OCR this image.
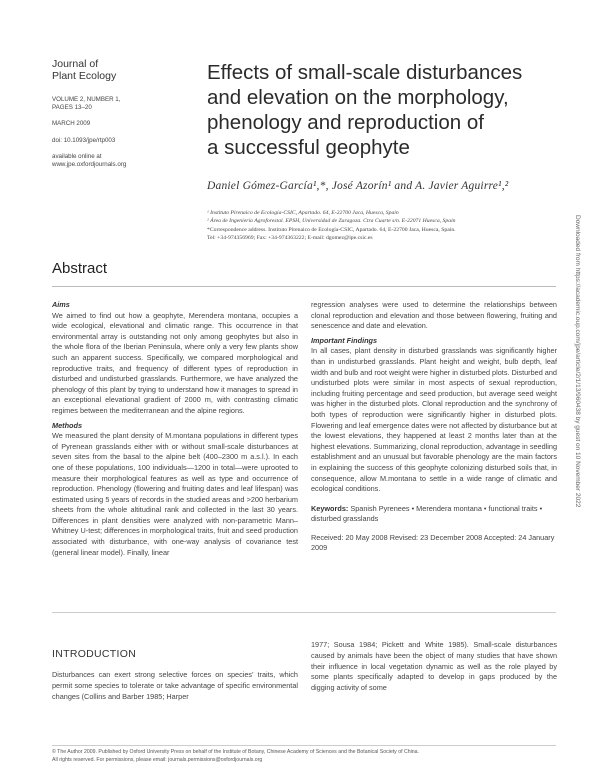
Journal of
Plant Ecology
VOLUME 2, NUMBER 1,
PAGES 13–20
MARCH 2009
doi: 10.1093/jpe/rtp003
available online at
www.jpe.oxfordjournals.org
Effects of small-scale disturbances
and elevation on the morphology,
phenology and reproduction of
a successful geophyte
Daniel Gómez-García¹,*, José Azorín¹ and A. Javier Aguirre¹,²
¹ Instituto Pirenaico de Ecología-CSIC, Apartado. 64, E-22700 Jaca, Huesca, Spain
² Área de Ingeniería Agroforestal. EPSH, Universidad de Zaragoza. Ctra Cuarte s/n. E-22071 Huesca, Spain
*Correspondence address. Instituto Pirenaico de Ecología-CSIC, Apartado. 64, E-22700 Jaca, Huesca, Spain.
Tel: +34-974356969; Fax: +34-974363222; E-mail: dgomez@ipe.csic.es	Downloaded from https://academic.oup.com/jpe/article/2/1/13/960438 by guest on 10 November 2022
Abstract
Aims

We aimed to find out how a geophyte, Merendera montana, occupies a wide ecological, elevational and climatic range. This occurrence in that environmental array is outstanding not only among geophytes but also in the whole flora of the Iberian Peninsula, where only a very few plants show such an apparent success. Specifically, we compared morphological and reproductive traits, and frequency of different types of reproduction in disturbed and undisturbed grasslands. Furthermore, we have analyzed the phenology of this plant by trying to understand how it manages to spread in an exceptional elevational gradient of 2000 m, with contrasting climatic regimes between the mediterranean and the alpine regions.

Methods

We measured the plant density of M.montana populations in different types of Pyrenean grasslands either with or without small-scale disturbances at seven sites from the basal to the alpine belt (400–2300 m a.s.l.). In each one of these populations, 100 individuals—1200 in total—were uprooted to measure their morphological features as well as type and occurrence of reproduction. Phenology (flowering and fruiting dates and leaf lifespan) was estimated using 5 years of records in the studied areas and >200 herbarium sheets from the whole altitudinal rank and collected in the last 30 years. Differences in plant densities were analyzed with non-parametric Mann–Whitney U-test; differences in morphological traits, fruit and seed production associated with disturbance, with one-way analysis of covariance test (general linear model). Finally, linear

regression analyses were used to determine the relationships between clonal reproduction and elevation and those between flowering, fruiting and senescence and date and elevation.

Important Findings

In all cases, plant density in disturbed grasslands was significantly higher than in undisturbed grasslands. Plant height and weight, bulb depth, leaf width and bulb and root weight were higher in disturbed plots. Disturbed and undisturbed plots were similar in most aspects of sexual reproduction, including fruiting percentage and seed production, but average seed weight was higher in the disturbed plots. Clonal reproduction and the synchrony of both types of reproduction were significantly higher in disturbed plots. Flowering and leaf emergence dates were not affected by disturbance but at the lowest elevations, they happened at least 2 months later than at the highest elevations. Summarizing, clonal reproduction, advantage in seedling establishment and an unusual but favorable phenology are the main factors in explaining the success of this geophyte colonizing disturbed soils that, in consequence, allow M.montana to settle in a wide range of climatic and ecological conditions.

Keywords: Spanish Pyrenees • Merendera montana • functional traits • disturbed grasslands

Received: 20 May 2008 Revised: 23 December 2008 Accepted: 24 January 2009

INTRODUCTION
Disturbances can exert strong selective forces on species' traits, which permit some species to tolerate or take advantage of specific environmental changes (Collins and Barber 1985; Harper
1977; Sousa 1984; Pickett and White 1985). Small-scale disturbances caused by animals have been the object of many studies that have shown their influence in local vegetation dynamic as well as the role played by some plants specifically adapted to develop in gaps produced by the digging activity of some
© The Author 2009. Published by Oxford University Press on behalf of the Institute of Botany, Chinese Academy of Sciences and the Botanical Society of China.
All rights reserved. For permissions, please email: journals.permissions@oxfordjournals.org
